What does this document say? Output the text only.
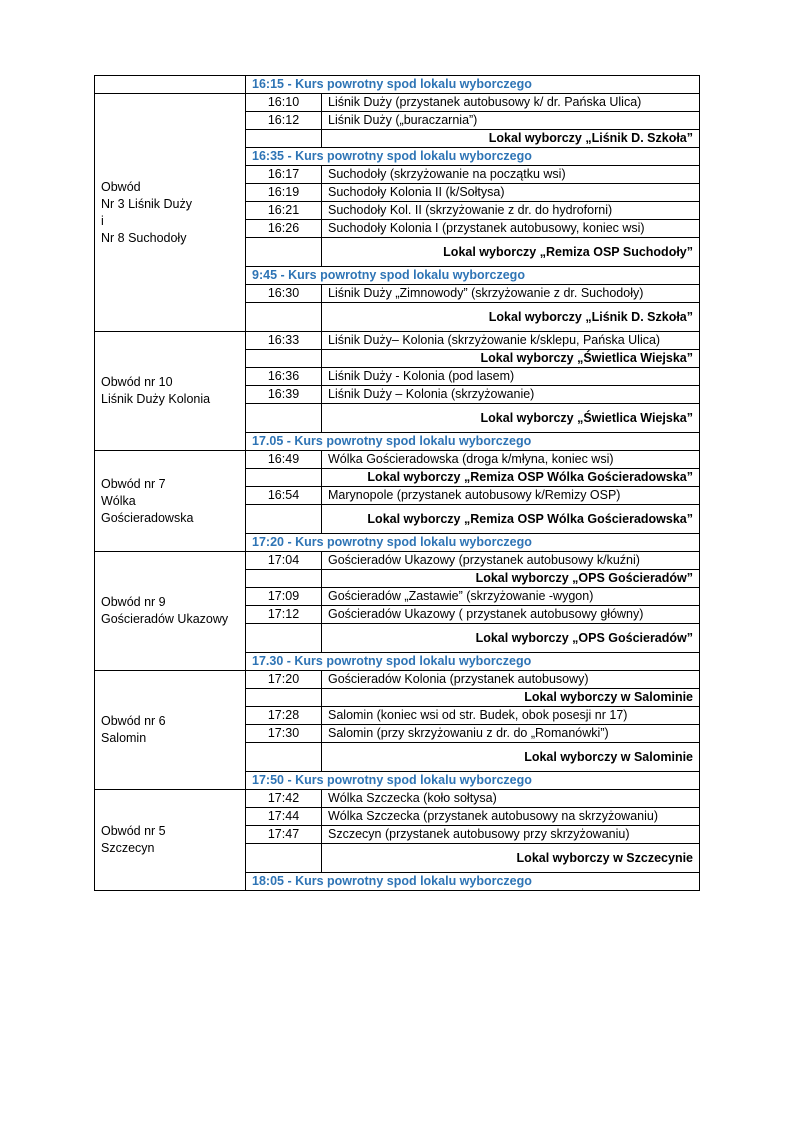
	16:15 - Kurs powrotny spod lokalu wyborczego	

Obwód
Nr 3 Liśnik Duży
i
Nr 8 Suchodoły	16:10	Liśnik Duży (przystanek autobusowy k/ dr. Pańska Ulica)
	16:12	Liśnik Duży („buraczarnia”)
		Lokal wyborczy „Liśnik D. Szkoła”
	16:35 - Kurs powrotny spod lokalu wyborczego	
	16:17	Suchodoły (skrzyżowanie na początku wsi)
	16:19	Suchodoły Kolonia II (k/Sołtysa)
	16:21	Suchodoły Kol. II (skrzyżowanie z dr. do hydroforni)
	16:26	Suchodoły Kolonia I (przystanek autobusowy, koniec wsi)
		Lokal wyborczy „Remiza OSP Suchodoły”
	9:45 - Kurs powrotny spod lokalu wyborczego	
	16:30	Liśnik Duży „Zimnowody” (skrzyżowanie z dr. Suchodoły)
		Lokal wyborczy „Liśnik D. Szkoła”

Obwód nr 10
Liśnik Duży Kolonia	16:33	Liśnik Duży– Kolonia (skrzyżowanie k/sklepu, Pańska Ulica)
		Lokal wyborczy „Świetlica Wiejska”
	16:36	Liśnik Duży - Kolonia (pod lasem)
	16:39	Liśnik Duży – Kolonia (skrzyżowanie)
		Lokal wyborczy „Świetlica Wiejska”
	17.05 - Kurs powrotny spod lokalu wyborczego	

Obwód nr 7
Wólka
Gościeradowska	16:49	Wólka Gościeradowska (droga k/młyna, koniec wsi)
		Lokal wyborczy „Remiza OSP Wólka Gościeradowska”
	16:54	Marynopole (przystanek autobusowy k/Remizy OSP)
		Lokal wyborczy „Remiza OSP Wólka Gościeradowska”
	17:20 - Kurs powrotny spod lokalu wyborczego	

Obwód nr 9
Gościeradów Ukazowy	17:04	Gościeradów Ukazowy (przystanek autobusowy k/kuźni)
		Lokal wyborczy „OPS Gościeradów”
	17:09	Gościeradów „Zastawie” (skrzyżowanie -wygon)
	17:12	Gościeradów Ukazowy ( przystanek autobusowy główny)
		Lokal wyborczy „OPS Gościeradów”
	17.30 - Kurs powrotny spod lokalu wyborczego	

Obwód nr 6
Salomin	17:20	Gościeradów Kolonia (przystanek autobusowy)
		Lokal wyborczy w Salominie
	17:28	Salomin (koniec wsi od str. Budek, obok posesji nr 17)
	17:30	Salomin (przy skrzyżowaniu z dr. do „Romanówki”)
		Lokal wyborczy w Salominie
	17:50 - Kurs powrotny spod lokalu wyborczego	

Obwód nr 5
Szczecyn	17:42	Wólka Szczecka (koło sołtysa)
	17:44	Wólka Szczecka (przystanek autobusowy na skrzyżowaniu)
	17:47	Szczecyn (przystanek autobusowy przy skrzyżowaniu)
		Lokal wyborczy w Szczecynie
	18:05 - Kurs powrotny spod lokalu wyborczego	
